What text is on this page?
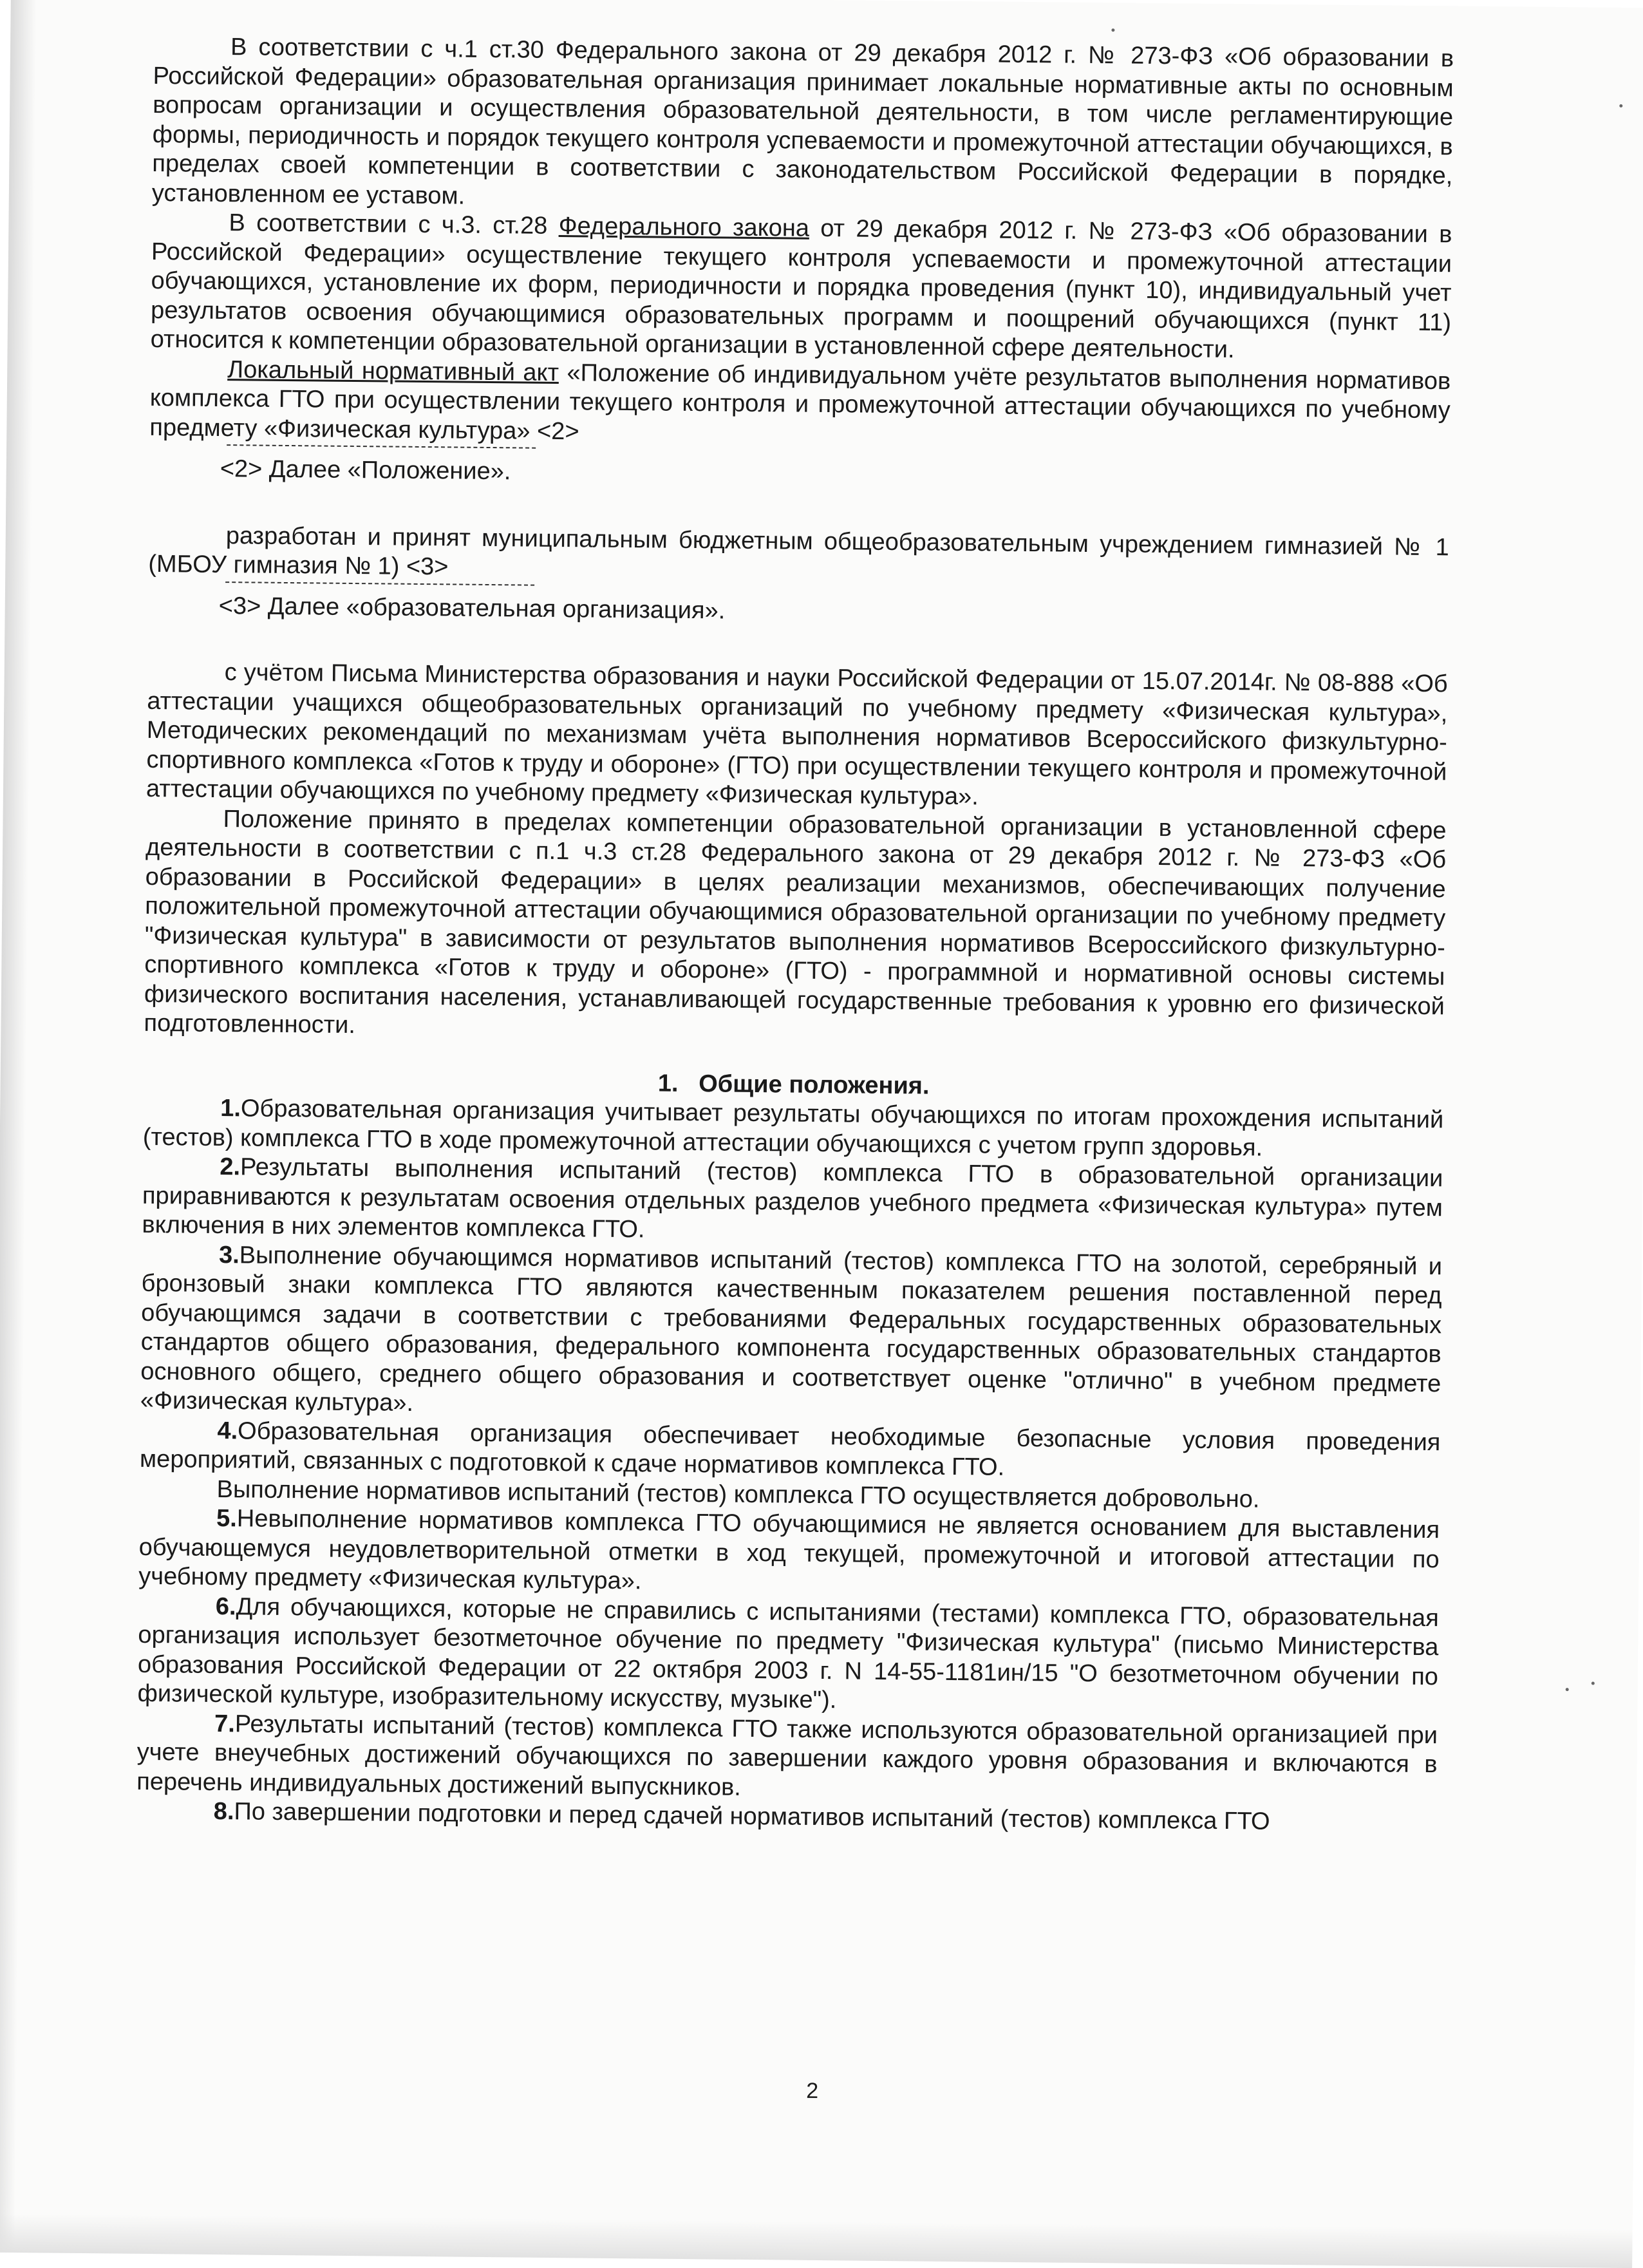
В соответствии с ч.1 ст.30 Федерального закона от 29 декабря 2012 г. № 273-ФЗ «Об образовании в Российской Федерации» образовательная организация принимает локальные нормативные акты по основным вопросам организации и осуществления образовательной деятельности, в том числе регламентирующие формы, периодичность и порядок текущего контроля успеваемости и промежуточной аттестации обучающихся, в пределах своей компетенции в соответствии с законодательством Российской Федерации в порядке, установленном ее уставом.

В соответствии с ч.3. ст.28 Федерального закона от 29 декабря 2012 г. № 273-ФЗ «Об образовании в Российской Федерации» осуществление текущего контроля успеваемости и промежуточной аттестации обучающихся, установление их форм, периодичности и порядка проведения (пункт 10), индивидуальный учет результатов освоения обучающимися образовательных программ и поощрений обучающихся (пункт 11) относится к компетенции образовательной организации в установленной сфере деятельности.

Локальный нормативный акт «Положение об индивидуальном учёте результатов выполнения нормативов комплекса ГТО при осуществлении текущего контроля и промежуточной аттестации обучающихся по учебному предмету «Физическая культура» <2>

<2> Далее «Положение».

разработан и принят муниципальным бюджетным общеобразовательным учреждением гимназией № 1 (МБОУ гимназия № 1) <3>

<3> Далее «образовательная организация».

с учётом Письма Министерства образования и науки Российской Федерации от 15.07.2014г. № 08-888 «Об аттестации учащихся общеобразовательных организаций по учебному предмету «Физическая культура», Методических рекомендаций по механизмам учёта выполнения нормативов Всероссийского физкультурно-спортивного комплекса «Готов к труду и обороне» (ГТО) при осуществлении текущего контроля и промежуточной аттестации обучающихся по учебному предмету «Физическая культура».

Положение принято в пределах компетенции образовательной организации в установленной сфере деятельности в соответствии с п.1 ч.3 ст.28 Федерального закона от 29 декабря 2012 г. № 273-ФЗ «Об образовании в Российской Федерации» в целях реализации механизмов, обеспечивающих получение положительной промежуточной аттестации обучающимися образовательной организации по учебному предмету "Физическая культура" в зависимости от результатов выполнения нормативов Всероссийского физкультурно-спортивного комплекса «Готов к труду и обороне» (ГТО) - программной и нормативной основы системы физического воспитания населения, устанавливающей государственные требования к уровню его физической подготовленности.

1. Общие положения.

1.Образовательная организация учитывает результаты обучающихся по итогам прохождения испытаний (тестов) комплекса ГТО в ходе промежуточной аттестации обучающихся с учетом групп здоровья.

2.Результаты выполнения испытаний (тестов) комплекса ГТО в образовательной организации приравниваются к результатам освоения отдельных разделов учебного предмета «Физическая культура» путем включения в них элементов комплекса ГТО.

3.Выполнение обучающимся нормативов испытаний (тестов) комплекса ГТО на золотой, серебряный и бронзовый знаки комплекса ГТО являются качественным показателем решения поставленной перед обучающимся задачи в соответствии с требованиями Федеральных государственных образовательных стандартов общего образования, федерального компонента государственных образовательных стандартов основного общего, среднего общего образования и соответствует оценке "отлично" в учебном предмете «Физическая культура».

4.Образовательная организация обеспечивает необходимые безопасные условия проведения мероприятий, связанных с подготовкой к сдаче нормативов комплекса ГТО.

Выполнение нормативов испытаний (тестов) комплекса ГТО осуществляется добровольно.

5.Невыполнение нормативов комплекса ГТО обучающимися не является основанием для выставления обучающемуся неудовлетворительной отметки в ход текущей, промежуточной и итоговой аттестации по учебному предмету «Физическая культура».

6.Для обучающихся, которые не справились с испытаниями (тестами) комплекса ГТО, образовательная организация использует безотметочное обучение по предмету "Физическая культура" (письмо Министерства образования Российской Федерации от 22 октября 2003 г. N 14-55-1181ин/15 "О безотметочном обучении по физической культуре, изобразительному искусству, музыке").

7.Результаты испытаний (тестов) комплекса ГТО также используются образовательной организацией при учете внеучебных достижений обучающихся по завершении каждого уровня образования и включаются в перечень индивидуальных достижений выпускников.

8.По завершении подготовки и перед сдачей нормативов испытаний (тестов) комплекса ГТО

2
